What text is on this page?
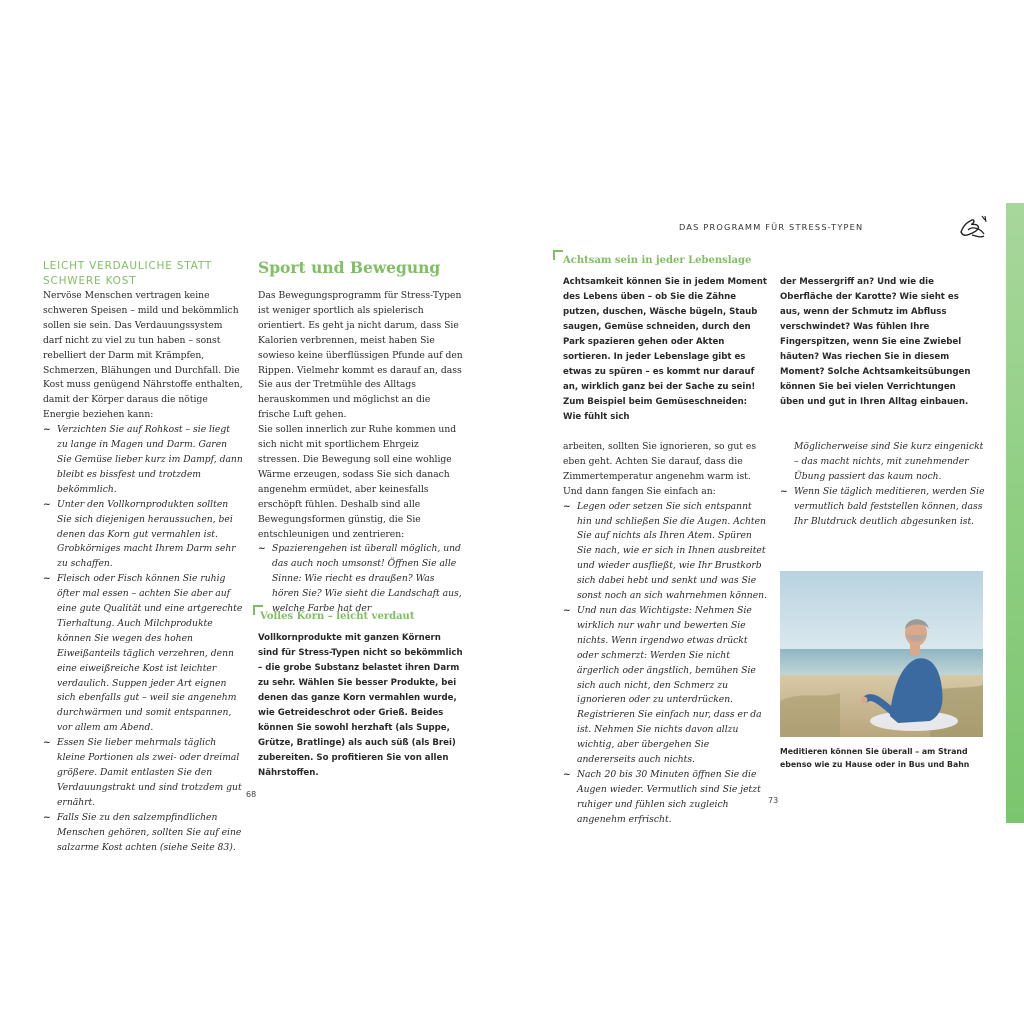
LEICHT VERDAULICHE STATT
SCHWERE KOST
Nervöse Menschen vertragen keine schweren Speisen – mild und bekömmlich sollen sie sein. Das Verdauungssystem darf nicht zu viel zu tun haben – sonst rebelliert der Darm mit Krämpfen, Schmerzen, Blähungen und Durchfall. Die Kost muss genügend Nährstoffe enthalten, damit der Körper daraus die nötige Energie beziehen kann:
~ Verzichten Sie auf Rohkost – sie liegt zu lange in Magen und Darm. Garen Sie Gemüse lieber kurz im Dampf, dann bleibt es bissfest und trotzdem bekömmlich.
~ Unter den Vollkornprodukten sollten Sie sich diejenigen heraussuchen, bei denen das Korn gut vermahlen ist. Grobkörniges macht Ihrem Darm sehr zu schaffen.
~ Fleisch oder Fisch können Sie ruhig öfter mal essen – achten Sie aber auf eine gute Qualität und eine artgerechte Tierhaltung. Auch Milchprodukte können Sie wegen des hohen Eiweißanteils täglich verzehren, denn eine eiweißreiche Kost ist leichter verdaulich. Suppen jeder Art eignen sich ebenfalls gut – weil sie angenehm durchwärmen und somit entspannen, vor allem am Abend.
~ Essen Sie lieber mehrmals täglich kleine Portionen als zwei- oder dreimal größere. Damit entlasten Sie den Verdauungstrakt und sind trotzdem gut ernährt.
~ Falls Sie zu den salzempfindlichen Menschen gehören, sollten Sie auf eine salzarme Kost achten (siehe Seite 83).
Sport und Bewegung
Das Bewegungsprogramm für Stress-Typen ist weniger sportlich als spielerisch orientiert. Es geht ja nicht darum, dass Sie Kalorien verbrennen, meist haben Sie sowieso keine überflüssigen Pfunde auf den Rippen. Vielmehr kommt es darauf an, dass Sie aus der Tretmühle des Alltags herauskommen und möglichst an die frische Luft gehen.
Sie sollen innerlich zur Ruhe kommen und sich nicht mit sportlichem Ehrgeiz stressen. Die Bewegung soll eine wohlige Wärme erzeugen, sodass Sie sich danach angenehm ermüdet, aber keinesfalls erschöpft fühlen. Deshalb sind alle Bewegungsformen günstig, die Sie entschleunigen und zentrieren:
~ Spazierengehen ist überall möglich, und das auch noch umsonst! Öffnen Sie alle Sinne: Wie riecht es draußen? Was hören Sie? Wie sieht die Landschaft aus, welche Farbe hat der
Volles Korn – leicht verdaut
Vollkornprodukte mit ganzen Körnern sind für Stress-Typen nicht so bekömmlich – die grobe Substanz belastet ihren Darm zu sehr. Wählen Sie besser Produkte, bei denen das ganze Korn vermahlen wurde, wie Getreideschrot oder Grieß. Beides können Sie sowohl herzhaft (als Suppe, Grütze, Bratlinge) als auch süß (als Brei) zubereiten. So profitieren Sie von allen Nährstoffen.
68
DAS PROGRAMM FÜR STRESS-TYPEN
Achtsam sein in jeder Lebenslage
Achtsamkeit können Sie in jedem Moment des Lebens üben – ob Sie die Zähne putzen, duschen, Wäsche bügeln, Staub saugen, Gemüse schneiden, durch den Park spazieren gehen oder Akten sortieren. In jeder Lebenslage gibt es etwas zu spüren – es kommt nur darauf an, wirklich ganz bei der Sache zu sein! Zum Beispiel beim Gemüseschneiden: Wie fühlt sich
der Messergriff an? Und wie die Oberfläche der Karotte? Wie sieht es aus, wenn der Schmutz im Abfluss verschwindet? Was fühlen Ihre Fingerspitzen, wenn Sie eine Zwiebel häuten? Was riechen Sie in diesem Moment? Solche Achtsamkeitsübungen können Sie bei vielen Verrichtungen üben und gut in Ihren Alltag einbauen.
arbeiten, sollten Sie ignorieren, so gut es eben geht. Achten Sie darauf, dass die Zimmertemperatur angenehm warm ist. Und dann fangen Sie einfach an:
~ Legen oder setzen Sie sich entspannt hin und schließen Sie die Augen. Achten Sie auf nichts als Ihren Atem. Spüren Sie nach, wie er sich in Ihnen ausbreitet und wieder ausfließt, wie Ihr Brustkorb sich dabei hebt und senkt und was Sie sonst noch an sich wahrnehmen können.
~ Und nun das Wichtigste: Nehmen Sie wirklich nur wahr und bewerten Sie nichts. Wenn irgendwo etwas drückt oder schmerzt: Werden Sie nicht ärgerlich oder ängstlich, bemühen Sie sich auch nicht, den Schmerz zu ignorieren oder zu unterdrücken. Registrieren Sie einfach nur, dass er da ist. Nehmen Sie nichts davon allzu wichtig, aber übergehen Sie andererseits auch nichts.
~ Nach 20 bis 30 Minuten öffnen Sie die Augen wieder. Vermutlich sind Sie jetzt ruhiger und fühlen sich zugleich angenehm erfrischt.
Möglicherweise sind Sie kurz eingenickt – das macht nichts, mit zunehmender Übung passiert das kaum noch.
~ Wenn Sie täglich meditieren, werden Sie vermutlich bald feststellen können, dass Ihr Blutdruck deutlich abgesunken ist.
Meditieren können Sie überall – am Strand ebenso wie zu Hause oder in Bus und Bahn
73
